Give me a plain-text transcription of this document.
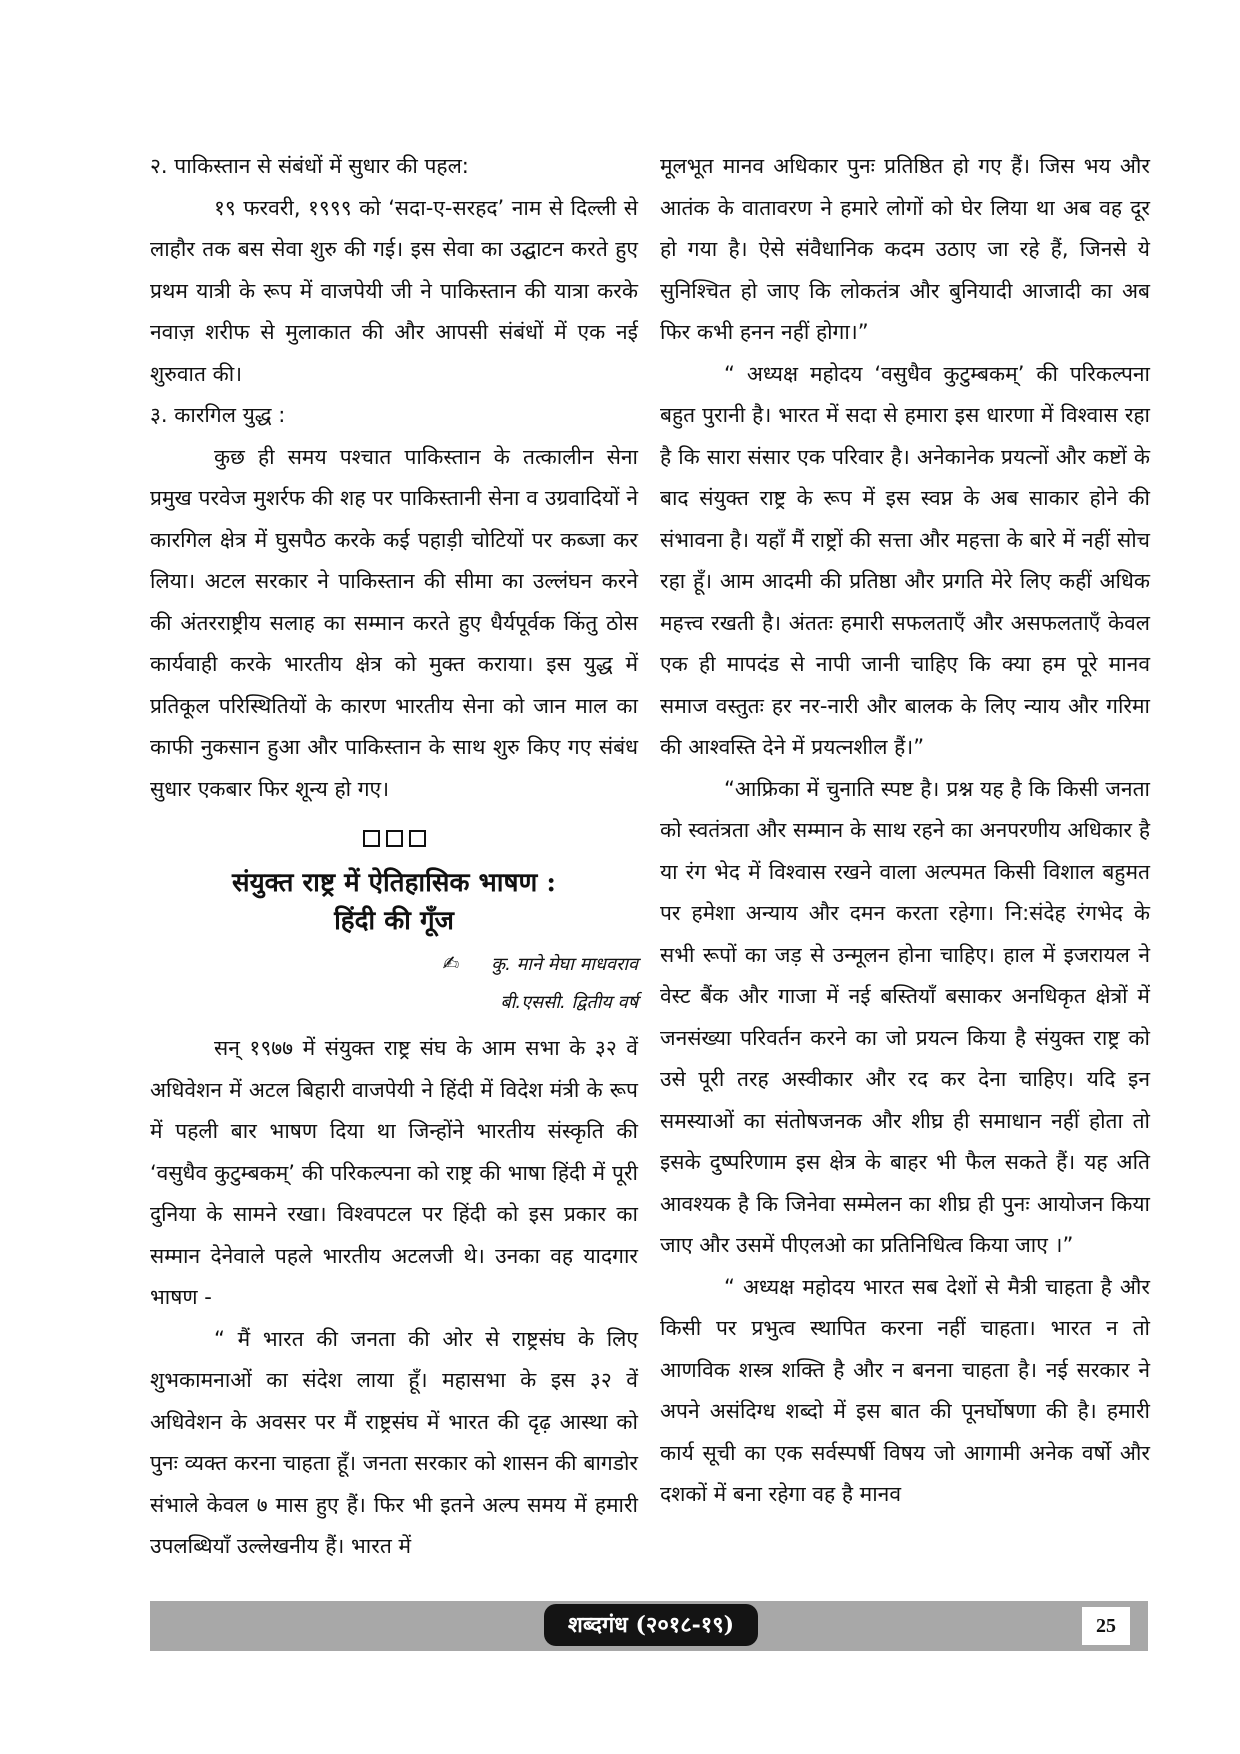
२. पाकिस्तान से संबंधों में सुधार की पहल:

१९ फरवरी, १९९९ को ‘सदा-ए-सरहद’ नाम से दिल्ली से लाहौर तक बस सेवा शुरु की गई। इस सेवा का उद्घाटन करते हुए प्रथम यात्री के रूप में वाजपेयी जी ने पाकिस्तान की यात्रा करके नवाज़ शरीफ से मुलाकात की और आपसी संबंधों में एक नई शुरुवात की।

३. कारगिल युद्ध :

कुछ ही समय पश्चात पाकिस्तान के तत्कालीन सेना प्रमुख परवेज मुशर्रफ की शह पर पाकिस्तानी सेना व उग्रवादियों ने कारगिल क्षेत्र में घुसपैठ करके कई पहाड़ी चोटियों पर कब्जा कर लिया। अटल सरकार ने पाकिस्तान की सीमा का उल्लंघन करने की अंतरराष्ट्रीय सलाह का सम्मान करते हुए धैर्यपूर्वक किंतु ठोस कार्यवाही करके भारतीय क्षेत्र को मुक्त कराया। इस युद्ध में प्रतिकूल परिस्थितियों के कारण भारतीय सेना को जान माल का काफी नुकसान हुआ और पाकिस्तान के साथ शुरु किए गए संबंध सुधार एकबार फिर शून्य हो गए।

संयुक्त राष्ट्र में ऐतिहासिक भाषण :
हिंदी की गूँज
✍ कु. माने मेघा माधवराव
बी.एससी. द्वितीय वर्ष

सन् १९७७ में संयुक्त राष्ट्र संघ के आम सभा के ३२ वें अधिवेशन में अटल बिहारी वाजपेयी ने हिंदी में विदेश मंत्री के रूप में पहली बार भाषण दिया था जिन्होंने भारतीय संस्कृति की ‘वसुधैव कुटुम्बकम्’ की परिकल्पना को राष्ट्र की भाषा हिंदी में पूरी दुनिया के सामने रखा। विश्वपटल पर हिंदी को इस प्रकार का सम्मान देनेवाले पहले भारतीय अटलजी थे। उनका वह यादगार भाषण -

“ मैं भारत की जनता की ओर से राष्ट्रसंघ के लिए शुभकामनाओं का संदेश लाया हूँ। महासभा के इस ३२ वें अधिवेशन के अवसर पर मैं राष्ट्रसंघ में भारत की दृढ़ आस्था को पुनः व्यक्त करना चाहता हूँ। जनता सरकार को शासन की बागडोर संभाले केवल ७ मास हुए हैं। फिर भी इतने अल्प समय में हमारी उपलब्धियाँ उल्लेखनीय हैं। भारत में

मूलभूत मानव अधिकार पुनः प्रतिष्ठित हो गए हैं। जिस भय और आतंक के वातावरण ने हमारे लोगों को घेर लिया था अब वह दूर हो गया है। ऐसे संवैधानिक कदम उठाए जा रहे हैं, जिनसे ये सुनिश्चित हो जाए कि लोकतंत्र और बुनियादी आजादी का अब फिर कभी हनन नहीं होगा।”

“ अध्यक्ष महोदय ‘वसुधैव कुटुम्बकम्’ की परिकल्पना बहुत पुरानी है। भारत में सदा से हमारा इस धारणा में विश्वास रहा है कि सारा संसार एक परिवार है। अनेकानेक प्रयत्नों और कष्टों के बाद संयुक्त राष्ट्र के रूप में इस स्वप्न के अब साकार होने की संभावना है। यहाँ मैं राष्ट्रों की सत्ता और महत्ता के बारे में नहीं सोच रहा हूँ। आम आदमी की प्रतिष्ठा और प्रगति मेरे लिए कहीं अधिक महत्त्व रखती है। अंततः हमारी सफलताएँ और असफलताएँ केवल एक ही मापदंड से नापी जानी चाहिए कि क्या हम पूरे मानव समाज वस्तुतः हर नर-नारी और बालक के लिए न्याय और गरिमा की आश्वस्ति देने में प्रयत्नशील हैं।”

“आफ्रिका में चुनाति स्पष्ट है। प्रश्न यह है कि किसी जनता को स्वतंत्रता और सम्मान के साथ रहने का अनपरणीय अधिकार है या रंग भेद में विश्वास रखने वाला अल्पमत किसी विशाल बहुमत पर हमेशा अन्याय और दमन करता रहेगा। नि:संदेह रंगभेद के सभी रूपों का जड़ से उन्मूलन होना चाहिए। हाल में इजरायल ने वेस्ट बैंक और गाजा में नई बस्तियाँ बसाकर अनधिकृत क्षेत्रों में जनसंख्या परिवर्तन करने का जो प्रयत्न किया है संयुक्त राष्ट्र को उसे पूरी तरह अस्वीकार और रद कर देना चाहिए। यदि इन समस्याओं का संतोषजनक और शीघ्र ही समाधान नहीं होता तो इसके दुष्परिणाम इस क्षेत्र के बाहर भी फैल सकते हैं। यह अति आवश्यक है कि जिनेवा सम्मेलन का शीघ्र ही पुनः आयोजन किया जाए और उसमें पीएलओ का प्रतिनिधित्व किया जाए ।”

“ अध्यक्ष महोदय भारत सब देशों से मैत्री चाहता है और किसी पर प्रभुत्व स्थापित करना नहीं चाहता। भारत न तो आणविक शस्त्र शक्ति है और न बनना चाहता है। नई सरकार ने अपने असंदिग्ध शब्दो में इस बात की पूनर्घोषणा की है। हमारी कार्य सूची का एक सर्वस्पर्षी विषय जो आगामी अनेक वर्षो और दशकों में बना रहेगा वह है मानव

शब्दगंध (२०१८-१९)	25
